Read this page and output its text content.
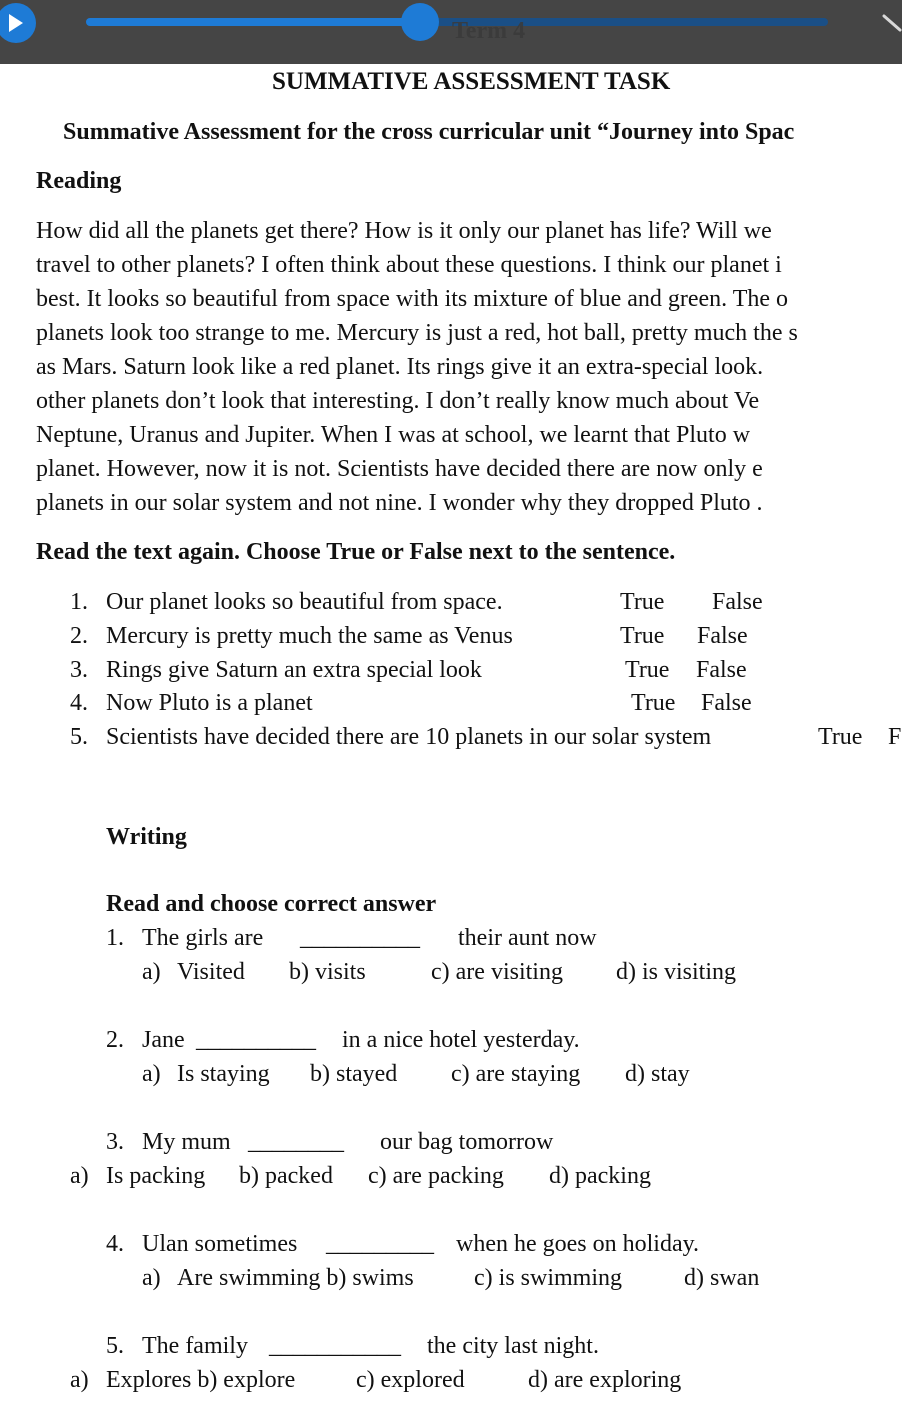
Term 4
SUMMATIVE ASSESSMENT TASK
Summative Assessment for the cross curricular unit “Journey into Spac
Reading
How did all the planets get there? How is it only our planet has life? Will we
travel to other planets? I often think about these questions. I think our planet i
best. It looks so beautiful from space with its mixture of blue and green. The o
planets look too strange to me. Mercury is just a red, hot ball, pretty much the s
as Mars. Saturn look like a red planet. Its rings give it an extra-special look.
other planets don’t look that interesting. I don’t really know much about Ve
Neptune, Uranus and Jupiter. When I was at school, we learnt that Pluto w
planet. However, now it is not. Scientists have decided there are now only e
planets in our solar system and not nine. I wonder why they dropped Pluto .
Read the text again. Choose True or False next to the sentence.
1. Our planet looks so beautiful from space.	True False
2. Mercury is pretty much the same as Venus	True False
3. Rings give Saturn an extra special look	True False
4. Now Pluto is a planet	True False
5. Scientists have decided there are 10 planets in our solar system	True F
Writing
Read and choose correct answer
1. The girls are __________ their aunt now
a) Visited b) visits	c) are visiting d) is visiting
2. Jane __________ in a nice hotel yesterday.
a) Is staying b) stayed c) are staying d) stay
3. My mum ________ our bag tomorrow
a) Is packing b) packed c) are packing d) packing
4. Ulan sometimes _________ when he goes on holiday.
a) Are swimming b) swims	c) is swimming	d) swan
5. The family ___________ the city last night.
a) Explores b) explore	c) explored	d) are exploring
